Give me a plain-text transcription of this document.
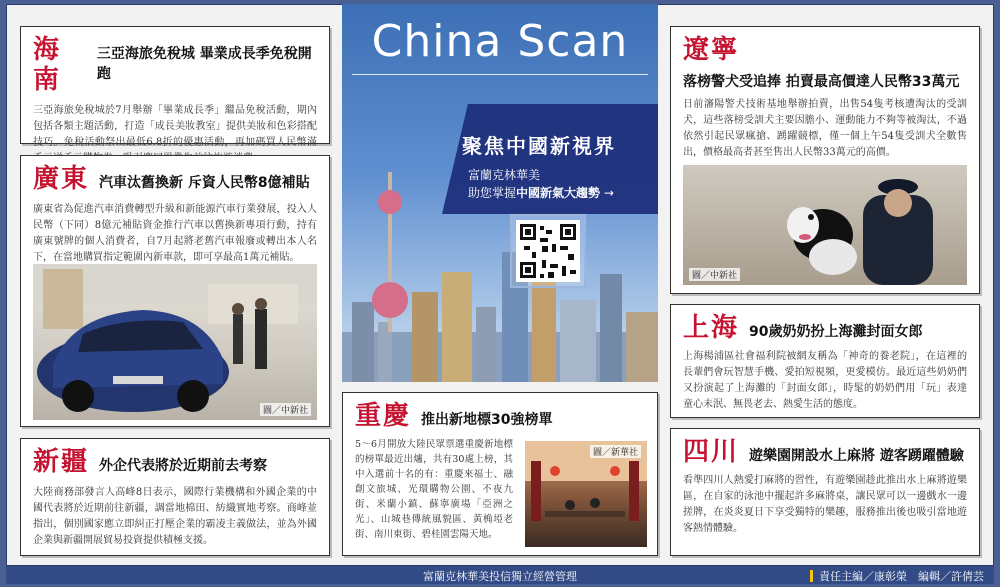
海南
三亞海旅免稅城 畢業成長季免稅開跑
三亞海旅免稅城於7月舉辦「畢業成長季」繼品免稅活動，期內包括各類主題活動，打造「成長美妝教室」提供美妝和色彩搭配技巧。免稅活動祭出最低6.8折的優惠活動，再加碼買人民幣滿
廣東 汽車汰舊換新 斥資人民幣8億補貼
廣東省為促進汽車消費轉型升級和新能源汽車行業發展，投入人民幣（下同）8億元補貼資金推行汽車以舊換新專項行動，持有廣東號牌的個人消費者，自7月起將老舊汽車報廢或轉出本人名下，在當地購買指定範圍內新車款，即可享最高1萬元補貼。
圖／中新社
新疆 外企代表將於近期前去考察
大陸商務部發言人高峰8日表示，國際行業機構和外國企業的中國代表將於近期前往新疆，調當地棉田、紡織實地考察。商峰並指出，個別國家應立即糾正打壓企業的霸凌主義做法，並為外國企業與新疆開展貿易投資提供積極支援。
China Scan
聚焦中國新視界
富蘭克林華美
助您掌握中國新氣大趨勢 →
重慶 推出新地標30強榜單
5～6月開放大陸民眾票選重慶新地標的榜單最近出爐，共有30處上榜，其中入選前十名的有：重慶來福士、融創文旅城、光環購物公園、不夜九街、米蘭小鎮、蘇寧廣場「亞洲之光」、山城巷傳統風貌區、黃桷埡老街、南川東街、碧桂園雲陽天地。
圖／新華社
遼寧
落榜警犬受追捧 拍賣最高價達人民幣33萬元
日前瀋陽警犬技術基地舉辦拍賣，出售54隻考核遭淘汰的受訓犬，這些落榜受訓犬主要因膽小、運動能力不夠等被淘汰，不過依然引起民眾瘋搶、踴躍競標，僅一個上午54隻受訓犬全數售出，價格最高者甚至售出人民幣33萬元的高價。
圖／中新社
上海 90歲奶奶扮上海灘封面女郎
上海楊浦區社會福利院被網友稱為「神奇的養老院」，在這裡的長輩們會玩智慧手機、愛拍短視頻，更愛模仿。最近這些奶奶們又扮演起了上海灘的「封面女郎」，時髦的奶奶們用「玩」表達童心未泯、無畏老去、熱愛生活的態度。
四川 遊樂園開設水上麻將 遊客踴躍體驗
看準四川人熱愛打麻將的習性，有遊樂園趁此推出水上麻將遊樂區，在自家的泳池中擺起許多麻將桌，讓民眾可以一邊戲水一邊搓牌，在炎炎夏日下享受獨特的樂趣，服務推出後也吸引當地遊客熱情體驗。
富蘭克林華美投信獨立經營管理	責任主編／康彰榮　編輯／許倩芸
